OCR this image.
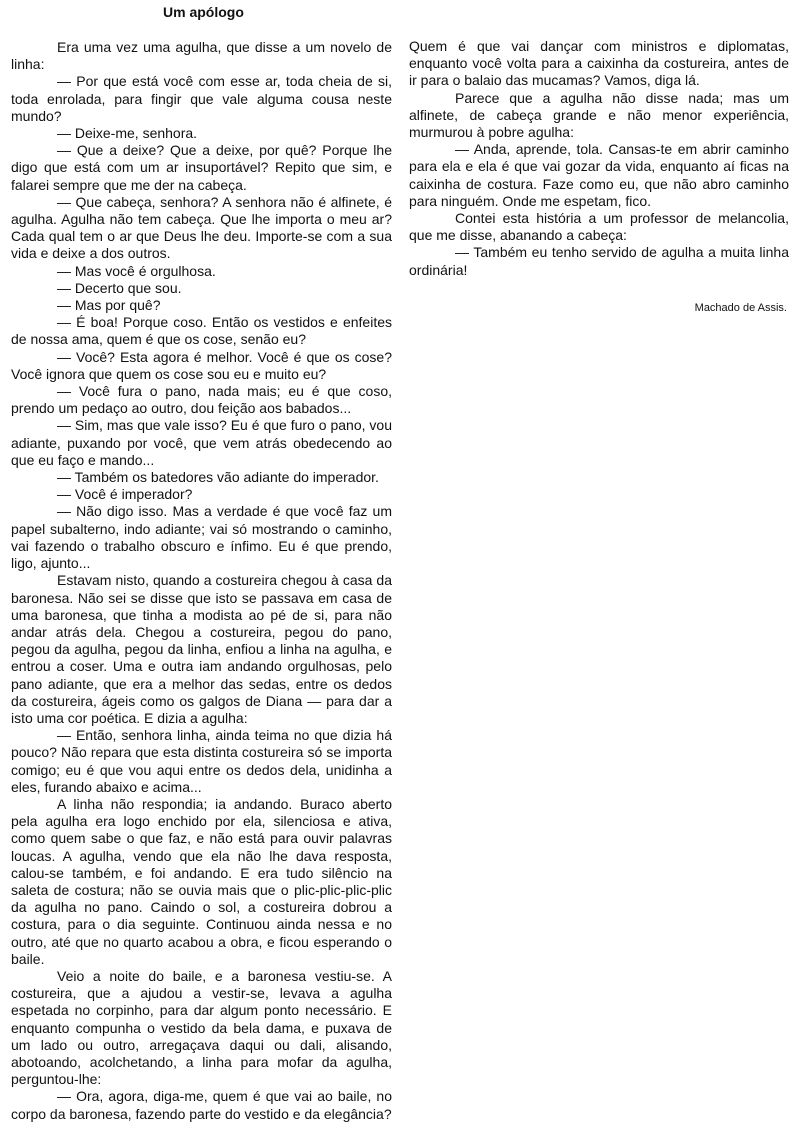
Um apólogo

Era uma vez uma agulha, que disse a um novelo de linha:

— Por que está você com esse ar, toda cheia de si, toda enrolada, para fingir que vale alguma cousa neste mundo?

— Deixe-me, senhora.

— Que a deixe? Que a deixe, por quê? Porque lhe digo que está com um ar insuportável? Repito que sim, e falarei sempre que me der na cabeça.

— Que cabeça, senhora? A senhora não é alfinete, é agulha. Agulha não tem cabeça. Que lhe importa o meu ar? Cada qual tem o ar que Deus lhe deu. Importe-se com a sua vida e deixe a dos outros.

— Mas você é orgulhosa.

— Decerto que sou.

— Mas por quê?

— É boa! Porque coso. Então os vestidos e enfeites de nossa ama, quem é que os cose, senão eu?

— Você? Esta agora é melhor. Você é que os cose? Você ignora que quem os cose sou eu e muito eu?

— Você fura o pano, nada mais; eu é que coso, prendo um pedaço ao outro, dou feição aos babados...

— Sim, mas que vale isso? Eu é que furo o pano, vou adiante, puxando por você, que vem atrás obedecendo ao que eu faço e mando...

— Também os batedores vão adiante do imperador.

— Você é imperador?

— Não digo isso. Mas a verdade é que você faz um papel subalterno, indo adiante; vai só mostrando o caminho, vai fazendo o trabalho obscuro e ínfimo. Eu é que prendo, ligo, ajunto...

Estavam nisto, quando a costureira chegou à casa da baronesa. Não sei se disse que isto se passava em casa de uma baronesa, que tinha a modista ao pé de si, para não andar atrás dela. Chegou a costureira, pegou do pano, pegou da agulha, pegou da linha, enfiou a linha na agulha, e entrou a coser. Uma e outra iam andando orgulhosas, pelo pano adiante, que era a melhor das sedas, entre os dedos da costureira, ágeis como os galgos de Diana — para dar a isto uma cor poética. E dizia a agulha:

— Então, senhora linha, ainda teima no que dizia há pouco? Não repara que esta distinta costureira só se importa comigo; eu é que vou aqui entre os dedos dela, unidinha a eles, furando abaixo e acima...

A linha não respondia; ia andando. Buraco aberto pela agulha era logo enchido por ela, silenciosa e ativa, como quem sabe o que faz, e não está para ouvir palavras loucas. A agulha, vendo que ela não lhe dava resposta, calou-se também, e foi andando. E era tudo silêncio na saleta de costura; não se ouvia mais que o plic-plic-plic-plic da agulha no pano. Caindo o sol, a costureira dobrou a costura, para o dia seguinte. Continuou ainda nessa e no outro, até que no quarto acabou a obra, e ficou esperando o baile.

Veio a noite do baile, e a baronesa vestiu-se. A costureira, que a ajudou a vestir-se, levava a agulha espetada no corpinho, para dar algum ponto necessário. E enquanto compunha o vestido da bela dama, e puxava de um lado ou outro, arregaçava daqui ou dali, alisando, abotoando, acolchetando, a linha para mofar da agulha, perguntou-lhe:

— Ora, agora, diga-me, quem é que vai ao baile, no corpo da baronesa, fazendo parte do vestido e da elegância?

Quem é que vai dançar com ministros e diplomatas, enquanto você volta para a caixinha da costureira, antes de ir para o balaio das mucamas? Vamos, diga lá.

Parece que a agulha não disse nada; mas um alfinete, de cabeça grande e não menor experiência, murmurou à pobre agulha:

— Anda, aprende, tola. Cansas-te em abrir caminho para ela e ela é que vai gozar da vida, enquanto aí ficas na caixinha de costura. Faze como eu, que não abro caminho para ninguém. Onde me espetam, fico.

Contei esta história a um professor de melancolia, que me disse, abanando a cabeça:

— Também eu tenho servido de agulha a muita linha ordinária!

Machado de Assis.
